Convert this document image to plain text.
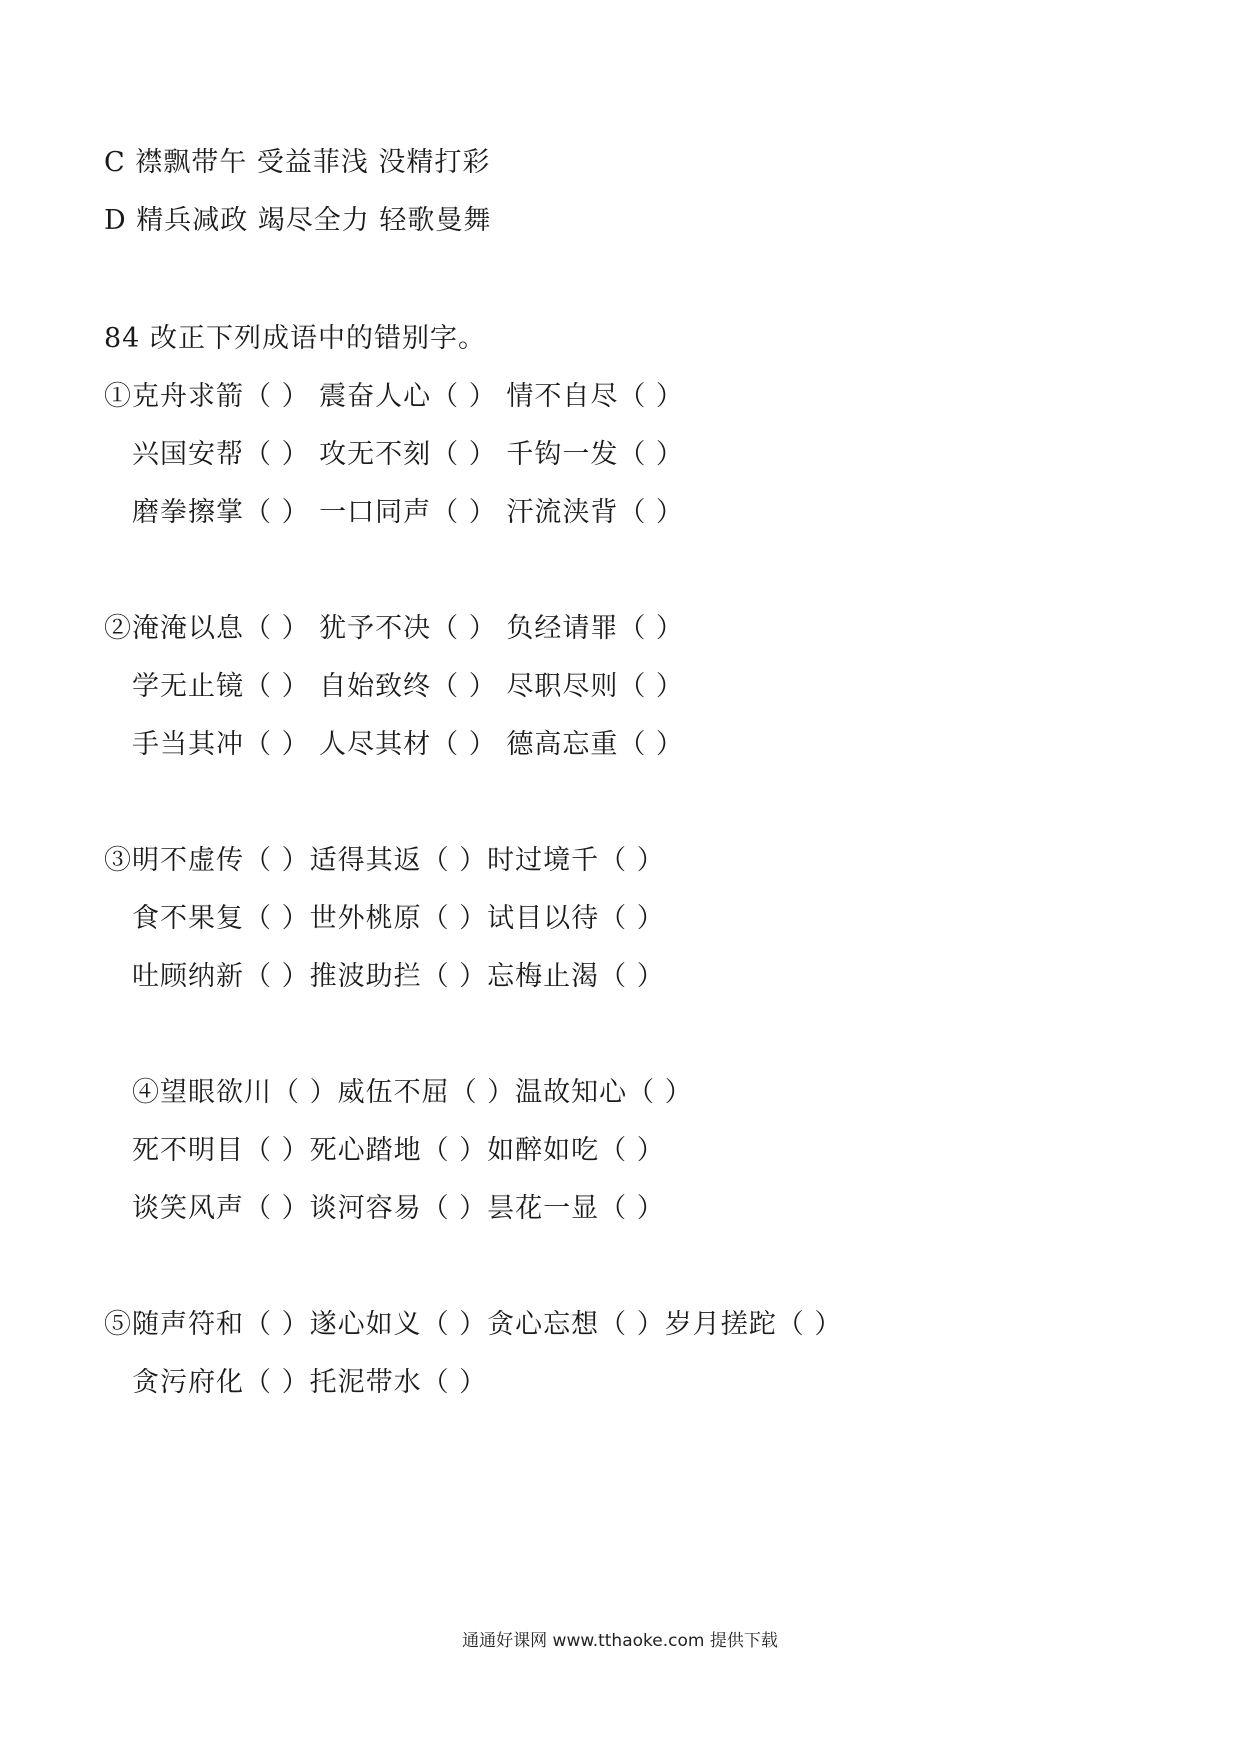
C 襟飘带午 受益菲浅 没精打彩
D 精兵减政 竭尽全力 轻歌曼舞
84 改正下列成语中的错别字。
①克舟求箭（ ） 震奋人心（ ） 情不自尽（ ）
兴国安帮（ ） 攻无不刻（ ） 千钩一发（ ）
磨拳擦掌（ ） 一口同声（ ） 汗流浃背（ ）
②淹淹以息（ ） 犹予不决（ ） 负经请罪（ ）
学无止镜（ ） 自始致终（ ） 尽职尽则（ ）
手当其冲（ ） 人尽其材（ ） 德高忘重（ ）
③明不虚传（ ）适得其返（ ）时过境千（ ）
食不果复（ ）世外桃原（ ）试目以待（ ）
吐顾纳新（ ）推波助拦（ ）忘梅止渴（ ）
④望眼欲川（ ）威伍不屈（ ）温故知心（ ）
死不明目（ ）死心踏地（ ）如醉如吃（ ）
谈笑风声（ ）谈河容易（ ）昙花一显（ ）
⑤随声符和（ ）遂心如义（ ）贪心忘想（ ）岁月搓跎（ ）
贪污府化（ ）托泥带水（ ）
通通好课网 www.tthaoke.com 提供下载
